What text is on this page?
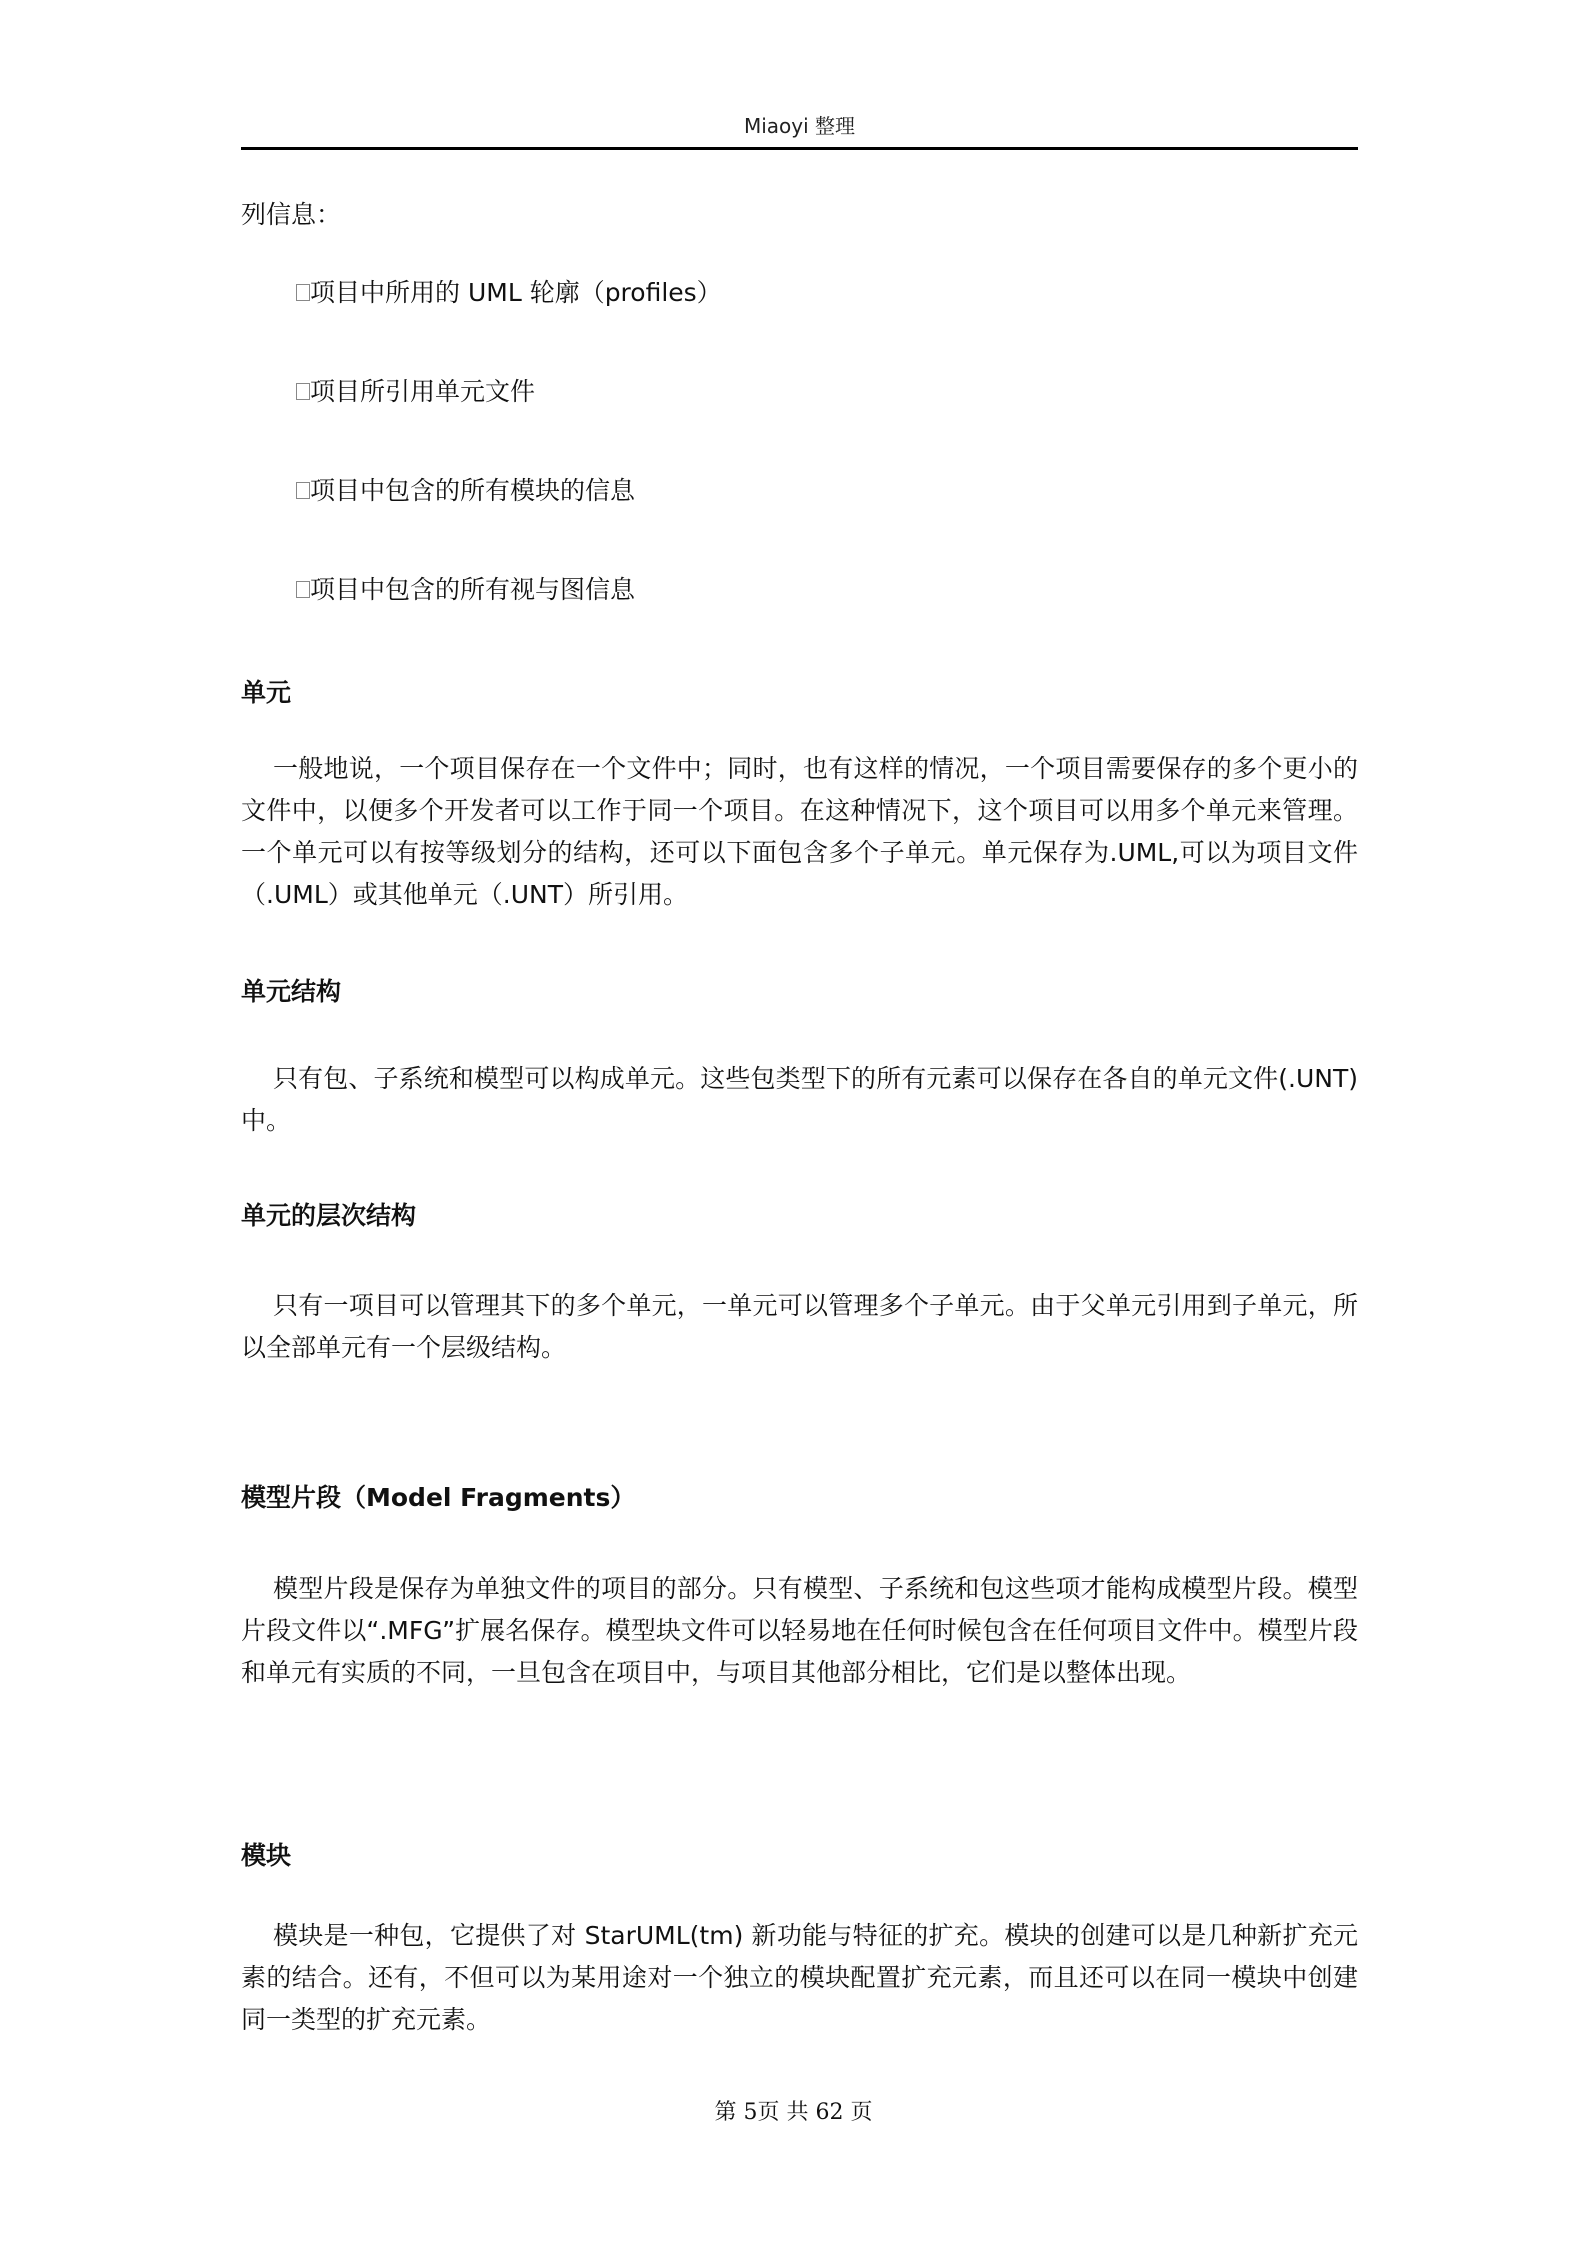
Miaoyi 整理
列信息：
项目中所用的 UML 轮廓（profiles）
项目所引用单元文件
项目中包含的所有模块的信息
项目中包含的所有视与图信息
单元
一般地说，一个项目保存在一个文件中；同时，也有这样的情况，一个项目需要保存的多个更小的文件中，以便多个开发者可以工作于同一个项目。在这种情况下，这个项目可以用多个单元来管理。一个单元可以有按等级划分的结构，还可以下面包含多个子单元。单元保存为.UML,可以为项目文件（.UML）或其他单元（.UNT）所引用。
单元结构
只有包、子系统和模型可以构成单元。这些包类型下的所有元素可以保存在各自的单元文件(.UNT)中。
单元的层次结构
只有一项目可以管理其下的多个单元，一单元可以管理多个子单元。由于父单元引用到子单元，所以全部单元有一个层级结构。
模型片段（Model Fragments）
模型片段是保存为单独文件的项目的部分。只有模型、子系统和包这些项才能构成模型片段。模型片段文件以“.MFG”扩展名保存。模型块文件可以轻易地在任何时候包含在任何项目文件中。模型片段和单元有实质的不同，一旦包含在项目中，与项目其他部分相比，它们是以整体出现。
模块
模块是一种包，它提供了对 StarUML(tm) 新功能与特征的扩充。模块的创建可以是几种新扩充元素的结合。还有，不但可以为某用途对一个独立的模块配置扩充元素，而且还可以在同一模块中创建同一类型的扩充元素。
第 5页 共 62 页
